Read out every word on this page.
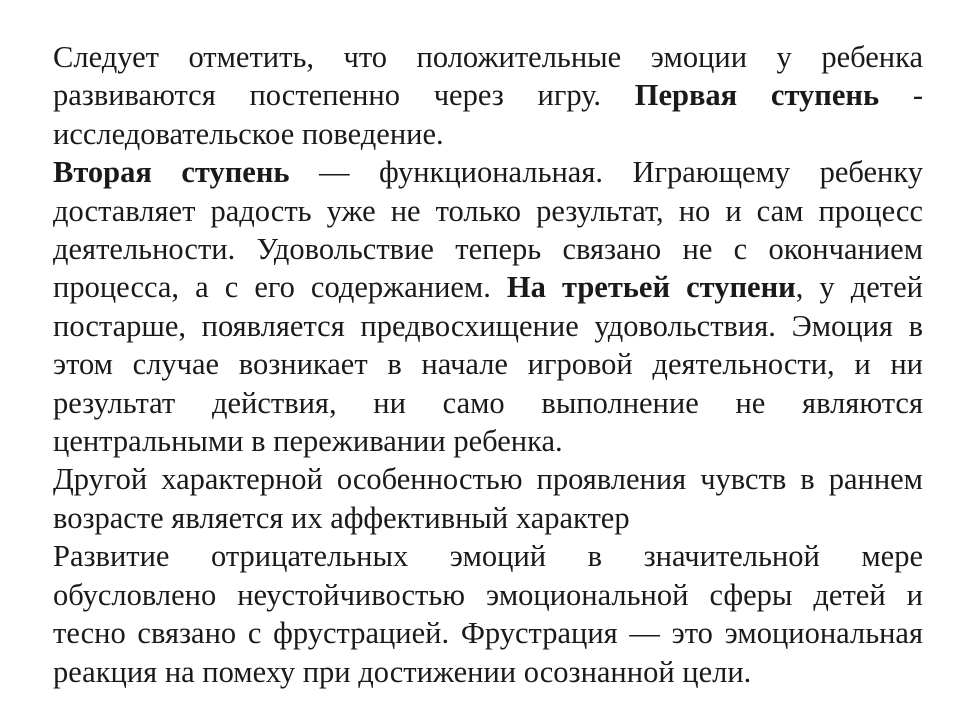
Следует отметить, что положительные эмоции у ребенка развиваются постепенно через игру. Первая ступень - исследовательское поведение.

Вторая ступень — функциональная. Играющему ребенку доставляет радость уже не только результат, но и сам процесс деятельности. Удовольствие теперь связано не с окончанием процесса, а с его содержанием. На третьей ступени, у детей постарше, появляется предвосхищение удовольствия. Эмоция в этом случае возникает в начале игровой деятельности, и ни результат действия, ни само выполнение не являются центральными в переживании ребенка.

Другой характерной особенностью проявления чувств в раннем возрасте является их аффективный характер

Развитие отрицательных эмоций в значительной мере обусловлено неустойчивостью эмоциональной сферы детей и тесно связано с фрустрацией. Фрустрация — это эмоциональная реакция на помеху при достижении осознанной цели.
